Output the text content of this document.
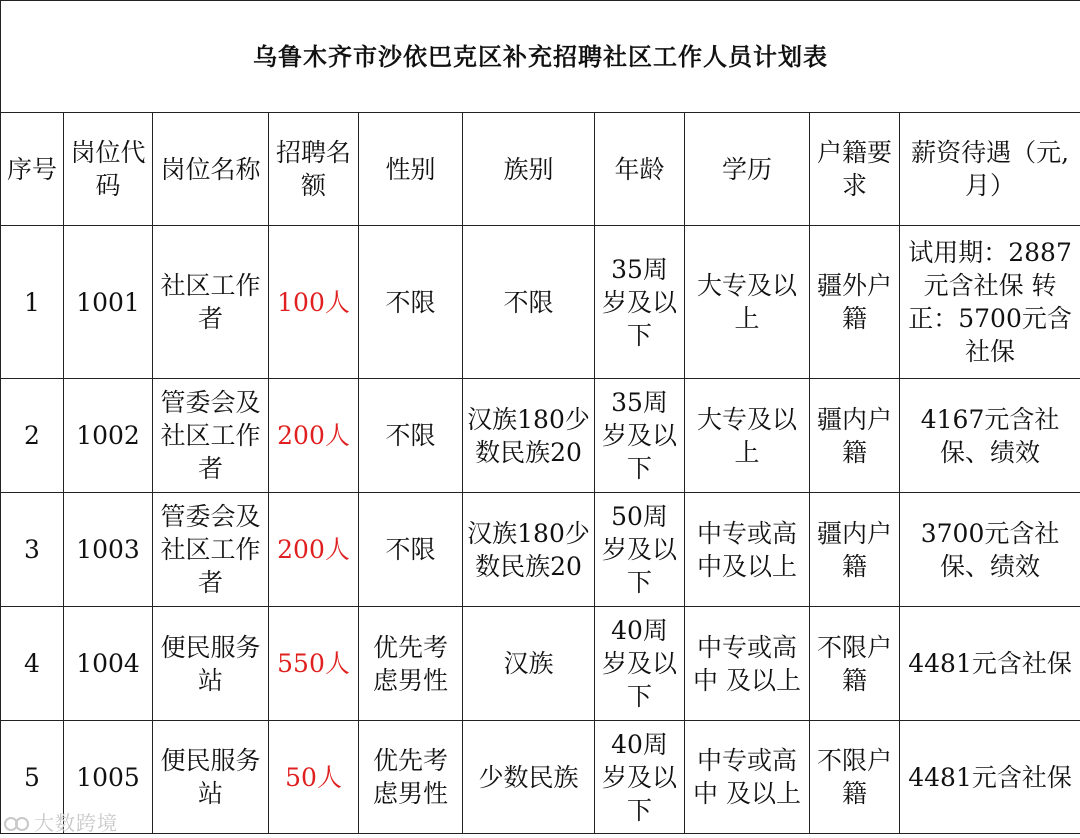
乌鲁木齐市沙依巴克区补充招聘社区工作人员计划表									
序号	岗位代码	岗位名称	招聘名额	性别	族别	年龄	学历	户籍要求	薪资待遇（元,月）
1	1001	社区工作者	100人	不限	不限	35周岁及以下	大专及以上	疆外户籍	试用期：2887元含社保 转正：5700元含社保
2	1002	管委会及社区工作者	200人	不限	汉族180少数民族20	35周岁及以下	大专及以上	疆内户籍	4167元含社保、绩效
3	1003	管委会及社区工作者	200人	不限	汉族180少 数民族20	50周岁及以下	中专或高中及以上	疆内户籍	3700元含社保、绩效
4	1004	便民服务站	550人	优先考虑男性	汉族	40周岁及以下	中专或高中 及以上	不限户籍	4481元含社保
5	1005	便民服务站	50人	优先考虑男性	少数民族	40周岁及以下	中专或高中 及以上	不限户籍	4481元含社保
大数跨境
